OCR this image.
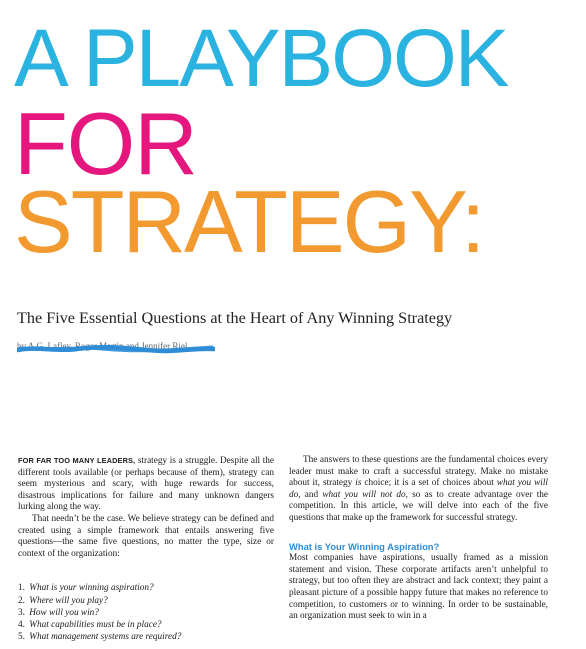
A PLAYBOOK
FOR
STRATEGY:

The Five Essential Questions at the Heart of Any Winning Strategy

by A.G. Lafley, Roger Martin and Jennifer Riel

FOR FAR TOO MANY LEADERS, strategy is a struggle. Despite all the different tools available (or perhaps because of them), strategy can seem mysterious and scary, with huge rewards for success, disastrous implications for failure and many unknown dangers lurking along the way.

That needn’t be the case. We believe strategy can be defined and created using a simple framework that entails answering five questions—the same five questions, no matter the type, size or context of the organization:

1. What is your winning aspiration?
2. Where will you play?
3. How will you win?
4. What capabilities must be in place?
5. What management systems are required?

The answers to these questions are the fundamental choices every leader must make to craft a successful strategy. Make no mistake about it, strategy is choice; it is a set of choices about what you will do, and what you will not do, so as to create advantage over the competition. In this article, we will delve into each of the five questions that make up the framework for successful strategy.

What is Your Winning Aspiration?

Most companies have aspirations, usually framed as a mission statement and vision. These corporate artifacts aren’t unhelpful to strategy, but too often they are abstract and lack context; they paint a pleasant picture of a possible happy future that makes no reference to competition, to customers or to winning. In order to be sustainable, an organization must seek to win in a
